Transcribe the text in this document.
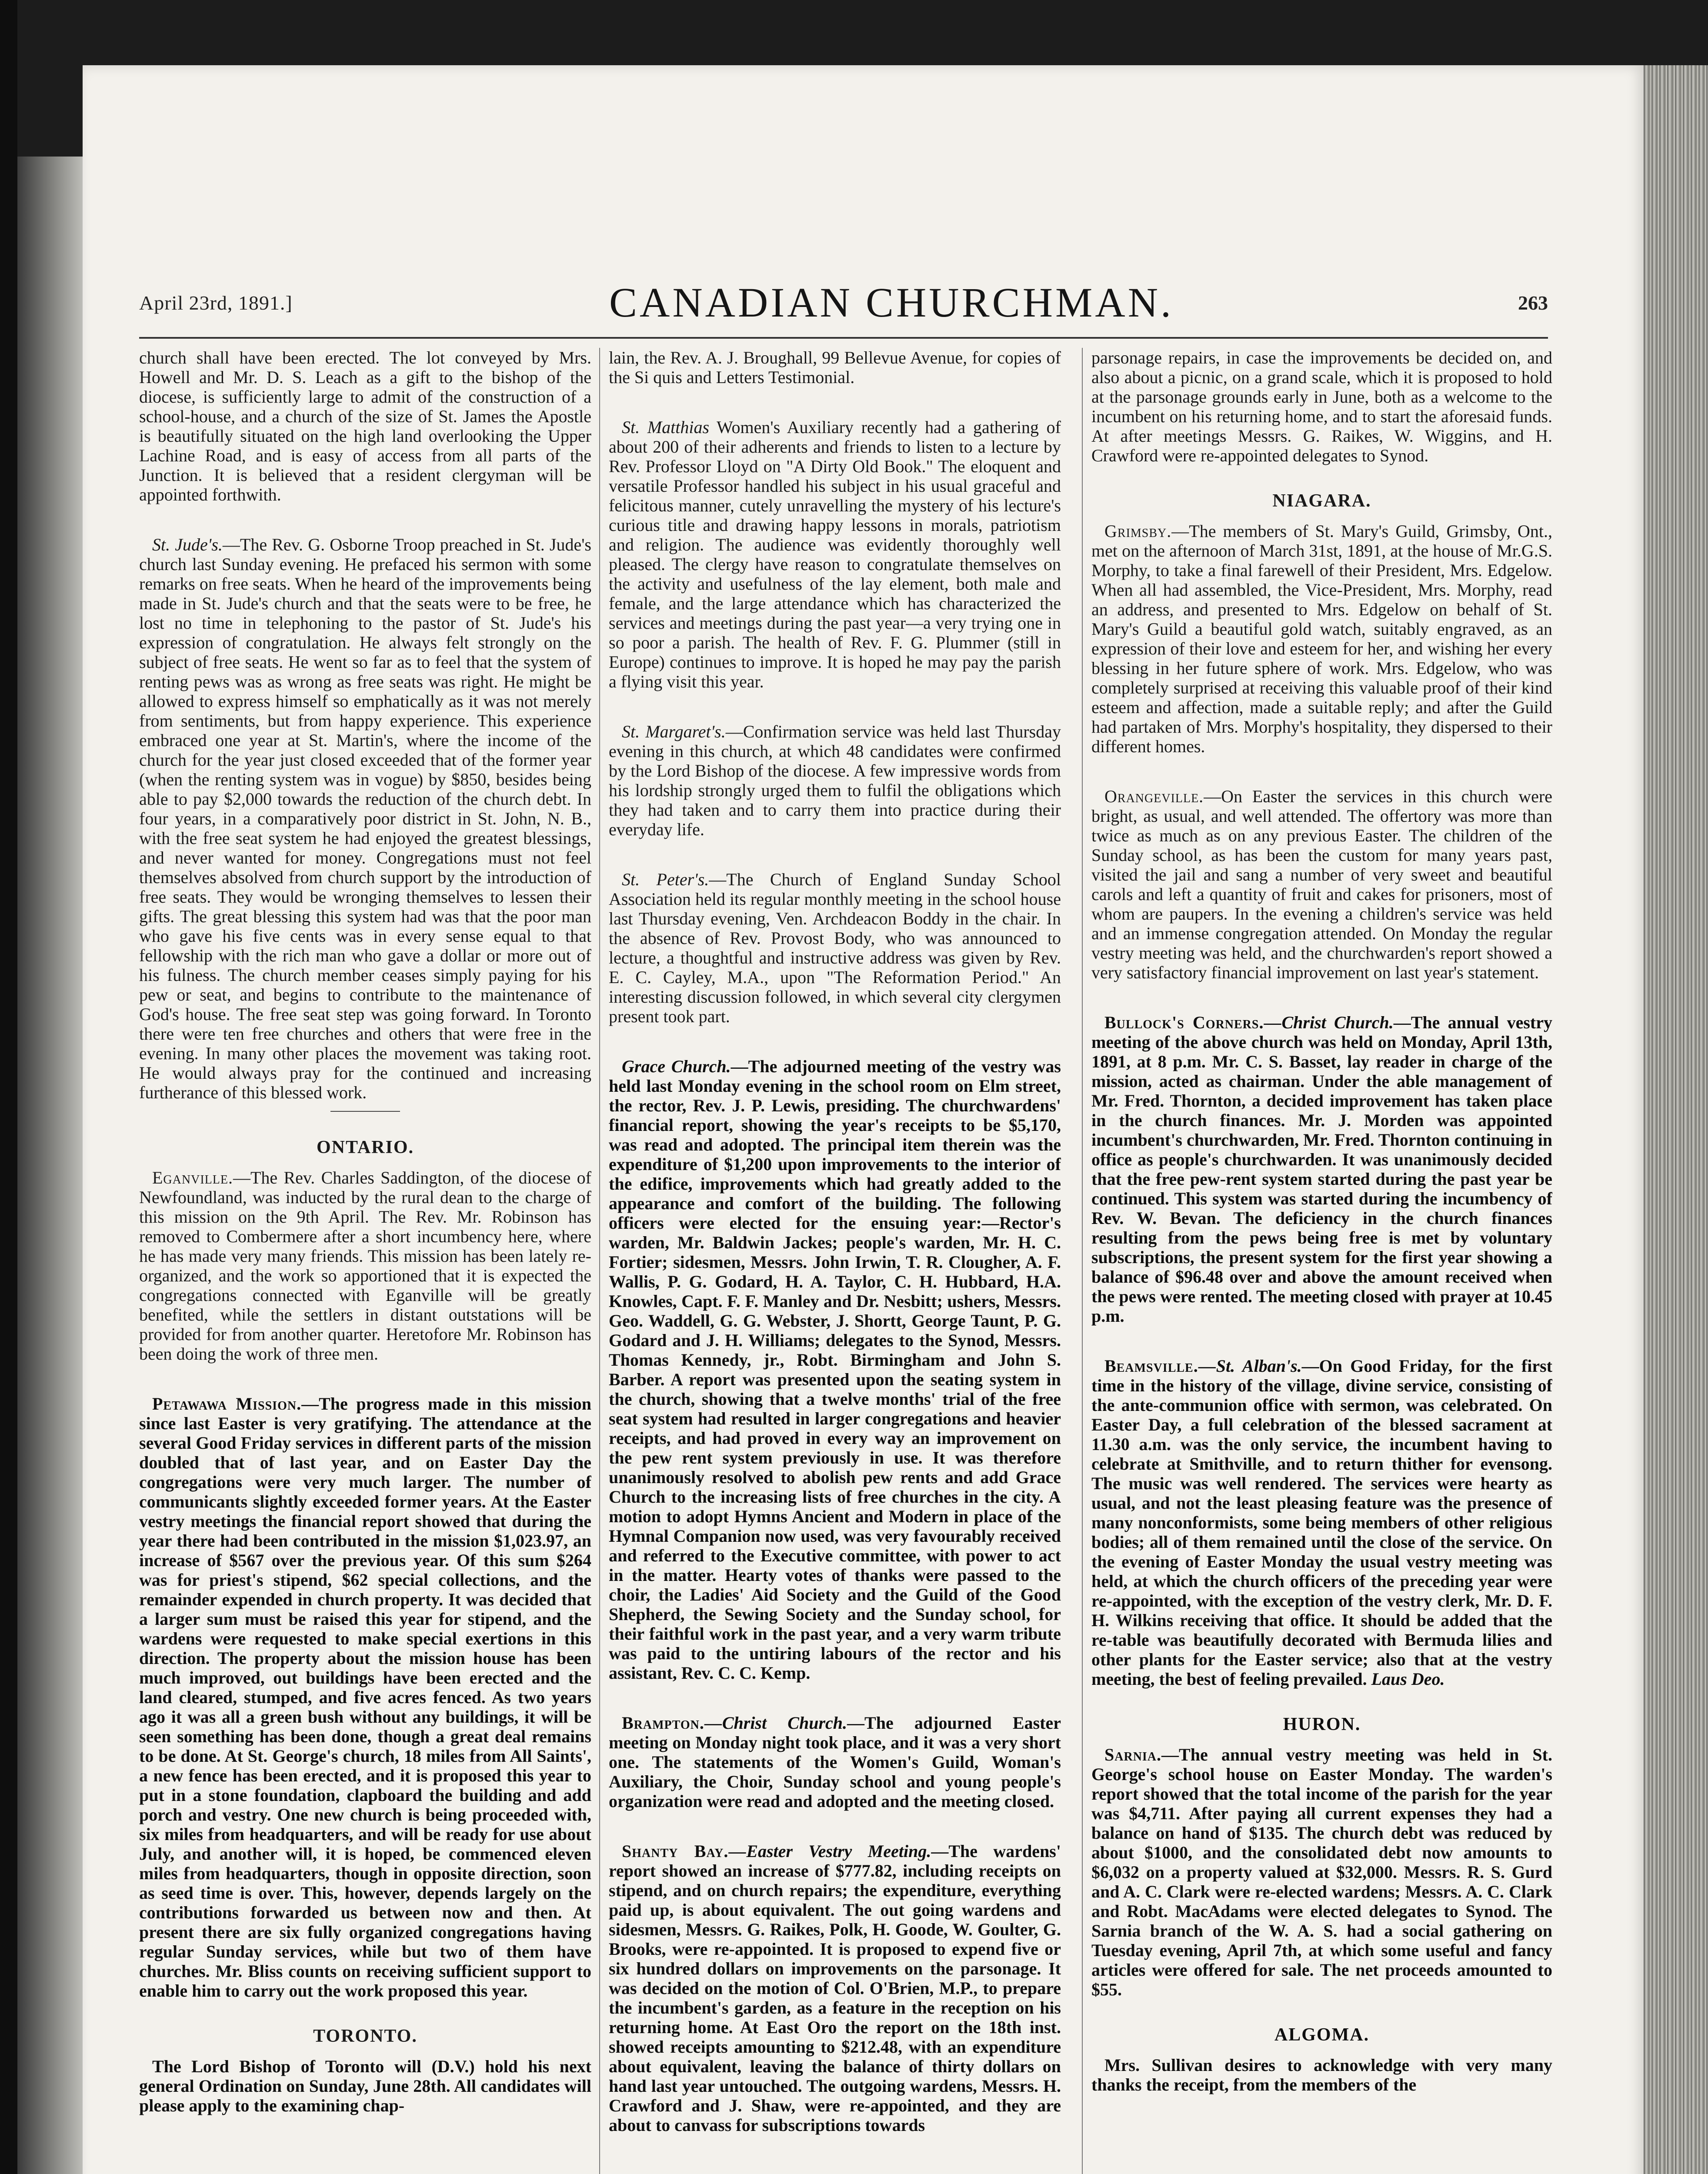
April 23rd, 1891.]	CANADIAN CHURCHMAN.	263

church shall have been erected. The lot conveyed by Mrs. Howell and Mr. D. S. Leach as a gift to the bishop of the diocese, is sufficiently large to admit of the construction of a school-house, and a church of the size of St. James the Apostle is beautifully situated on the high land overlooking the Upper Lachine Road, and is easy of access from all parts of the Junction. It is believed that a resident clergyman will be appointed forthwith.

St. Jude's.—The Rev. G. Osborne Troop preached in St. Jude's church last Sunday evening. He prefaced his sermon with some remarks on free seats. When he heard of the improvements being made in St. Jude's church and that the seats were to be free, he lost no time in telephoning to the pastor of St. Jude's his expression of congratulation. He always felt strongly on the subject of free seats. He went so far as to feel that the system of renting pews was as wrong as free seats was right. He might be allowed to express himself so emphatically as it was not merely from sentiments, but from happy experience. This experience embraced one year at St. Martin's, where the income of the church for the year just closed exceeded that of the former year (when the renting system was in vogue) by $850, besides being able to pay $2,000 towards the reduction of the church debt. In four years, in a comparatively poor district in St. John, N. B., with the free seat system he had enjoyed the greatest blessings, and never wanted for money. Congregations must not feel themselves absolved from church support by the introduction of free seats. They would be wronging themselves to lessen their gifts. The great blessing this system had was that the poor man who gave his five cents was in every sense equal to that fellowship with the rich man who gave a dollar or more out of his fulness. The church member ceases simply paying for his pew or seat, and begins to contribute to the maintenance of God's house. The free seat step was going forward. In Toronto there were ten free churches and others that were free in the evening. In many other places the movement was taking root. He would always pray for the continued and increasing furtherance of this blessed work.

ONTARIO.

Eganville.—The Rev. Charles Saddington, of the diocese of Newfoundland, was inducted by the rural dean to the charge of this mission on the 9th April. The Rev. Mr. Robinson has removed to Combermere after a short incumbency here, where he has made very many friends. This mission has been lately re-organized, and the work so apportioned that it is expected the congregations connected with Eganville will be greatly benefited, while the settlers in distant outstations will be provided for from another quarter. Heretofore Mr. Robinson has been doing the work of three men.

Petawawa Mission.—The progress made in this mission since last Easter is very gratifying. The attendance at the several Good Friday services in different parts of the mission doubled that of last year, and on Easter Day the congregations were very much larger. The number of communicants slightly exceeded former years. At the Easter vestry meetings the financial report showed that during the year there had been contributed in the mission $1,023.97, an increase of $567 over the previous year. Of this sum $264 was for priest's stipend, $62 special collections, and the remainder expended in church property. It was decided that a larger sum must be raised this year for stipend, and the wardens were requested to make special exertions in this direction. The property about the mission house has been much improved, out buildings have been erected and the land cleared, stumped, and five acres fenced. As two years ago it was all a green bush without any buildings, it will be seen something has been done, though a great deal remains to be done. At St. George's church, 18 miles from All Saints', a new fence has been erected, and it is proposed this year to put in a stone foundation, clapboard the building and add porch and vestry. One new church is being proceeded with, six miles from headquarters, and will be ready for use about July, and another will, it is hoped, be commenced eleven miles from headquarters, though in opposite direction, soon as seed time is over. This, however, depends largely on the contributions forwarded us between now and then. At present there are six fully organized congregations having regular Sunday services, while but two of them have churches. Mr. Bliss counts on receiving sufficient support to enable him to carry out the work proposed this year.

TORONTO.

The Lord Bishop of Toronto will (D.V.) hold his next general Ordination on Sunday, June 28th. All candidates will please apply to the examining chap-

lain, the Rev. A. J. Broughall, 99 Bellevue Avenue, for copies of the Si quis and Letters Testimonial.

St. Matthias Women's Auxiliary recently had a gathering of about 200 of their adherents and friends to listen to a lecture by Rev. Professor Lloyd on "A Dirty Old Book." The eloquent and versatile Professor handled his subject in his usual graceful and felicitous manner, cutely unravelling the mystery of his lecture's curious title and drawing happy lessons in morals, patriotism and religion. The audience was evidently thoroughly well pleased. The clergy have reason to congratulate themselves on the activity and usefulness of the lay element, both male and female, and the large attendance which has characterized the services and meetings during the past year—a very trying one in so poor a parish. The health of Rev. F. G. Plummer (still in Europe) continues to improve. It is hoped he may pay the parish a flying visit this year.

St. Margaret's.—Confirmation service was held last Thursday evening in this church, at which 48 candidates were confirmed by the Lord Bishop of the diocese. A few impressive words from his lordship strongly urged them to fulfil the obligations which they had taken and to carry them into practice during their everyday life.

St. Peter's.—The Church of England Sunday School Association held its regular monthly meeting in the school house last Thursday evening, Ven. Archdeacon Boddy in the chair. In the absence of Rev. Provost Body, who was announced to lecture, a thoughtful and instructive address was given by Rev. E. C. Cayley, M.A., upon "The Reformation Period." An interesting discussion followed, in which several city clergymen present took part.

Grace Church.—The adjourned meeting of the vestry was held last Monday evening in the school room on Elm street, the rector, Rev. J. P. Lewis, presiding. The churchwardens' financial report, showing the year's receipts to be $5,170, was read and adopted. The principal item therein was the expenditure of $1,200 upon improvements to the interior of the edifice, improvements which had greatly added to the appearance and comfort of the building. The following officers were elected for the ensuing year:—Rector's warden, Mr. Baldwin Jackes; people's warden, Mr. H. C. Fortier; sidesmen, Messrs. John Irwin, T. R. Clougher, A. F. Wallis, P. G. Godard, H. A. Taylor, C. H. Hubbard, H.A. Knowles, Capt. F. F. Manley and Dr. Nesbitt; ushers, Messrs. Geo. Waddell, G. G. Webster, J. Shortt, George Taunt, P. G. Godard and J. H. Williams; delegates to the Synod, Messrs. Thomas Kennedy, jr., Robt. Birmingham and John S. Barber. A report was presented upon the seating system in the church, showing that a twelve months' trial of the free seat system had resulted in larger congregations and heavier receipts, and had proved in every way an improvement on the pew rent system previously in use. It was therefore unanimously resolved to abolish pew rents and add Grace Church to the increasing lists of free churches in the city. A motion to adopt Hymns Ancient and Modern in place of the Hymnal Companion now used, was very favourably received and referred to the Executive committee, with power to act in the matter. Hearty votes of thanks were passed to the choir, the Ladies' Aid Society and the Guild of the Good Shepherd, the Sewing Society and the Sunday school, for their faithful work in the past year, and a very warm tribute was paid to the untiring labours of the rector and his assistant, Rev. C. C. Kemp.

Brampton.—Christ Church.—The adjourned Easter meeting on Monday night took place, and it was a very short one. The statements of the Women's Guild, Woman's Auxiliary, the Choir, Sunday school and young people's organization were read and adopted and the meeting closed.

Shanty Bay.—Easter Vestry Meeting.—The wardens' report showed an increase of $777.82, including receipts on stipend, and on church repairs; the expenditure, everything paid up, is about equivalent. The out going wardens and sidesmen, Messrs. G. Raikes, Polk, H. Goode, W. Goulter, G. Brooks, were re-appointed. It is proposed to expend five or six hundred dollars on improvements on the parsonage. It was decided on the motion of Col. O'Brien, M.P., to prepare the incumbent's garden, as a feature in the reception on his returning home. At East Oro the report on the 18th inst. showed receipts amounting to $212.48, with an expenditure about equivalent, leaving the balance of thirty dollars on hand last year untouched. The outgoing wardens, Messrs. H. Crawford and J. Shaw, were re-appointed, and they are about to canvass for subscriptions towards

parsonage repairs, in case the improvements be decided on, and also about a picnic, on a grand scale, which it is proposed to hold at the parsonage grounds early in June, both as a welcome to the incumbent on his returning home, and to start the aforesaid funds. At after meetings Messrs. G. Raikes, W. Wiggins, and H. Crawford were re-appointed delegates to Synod.

NIAGARA.

Grimsby.—The members of St. Mary's Guild, Grimsby, Ont., met on the afternoon of March 31st, 1891, at the house of Mr.G.S. Morphy, to take a final farewell of their President, Mrs. Edgelow. When all had assembled, the Vice-President, Mrs. Morphy, read an address, and presented to Mrs. Edgelow on behalf of St. Mary's Guild a beautiful gold watch, suitably engraved, as an expression of their love and esteem for her, and wishing her every blessing in her future sphere of work. Mrs. Edgelow, who was completely surprised at receiving this valuable proof of their kind esteem and affection, made a suitable reply; and after the Guild had partaken of Mrs. Morphy's hospitality, they dispersed to their different homes.

Orangeville.—On Easter the services in this church were bright, as usual, and well attended. The offertory was more than twice as much as on any previous Easter. The children of the Sunday school, as has been the custom for many years past, visited the jail and sang a number of very sweet and beautiful carols and left a quantity of fruit and cakes for prisoners, most of whom are paupers. In the evening a children's service was held and an immense congregation attended. On Monday the regular vestry meeting was held, and the churchwarden's report showed a very satisfactory financial improvement on last year's statement.

Bullock's Corners.—Christ Church.—The annual vestry meeting of the above church was held on Monday, April 13th, 1891, at 8 p.m. Mr. C. S. Basset, lay reader in charge of the mission, acted as chairman. Under the able management of Mr. Fred. Thornton, a decided improvement has taken place in the church finances. Mr. J. Morden was appointed incumbent's churchwarden, Mr. Fred. Thornton continuing in office as people's churchwarden. It was unanimously decided that the free pew-rent system started during the past year be continued. This system was started during the incumbency of Rev. W. Bevan. The deficiency in the church finances resulting from the pews being free is met by voluntary subscriptions, the present system for the first year showing a balance of $96.48 over and above the amount received when the pews were rented. The meeting closed with prayer at 10.45 p.m.

Beamsville.—St. Alban's.—On Good Friday, for the first time in the history of the village, divine service, consisting of the ante-communion office with sermon, was celebrated. On Easter Day, a full celebration of the blessed sacrament at 11.30 a.m. was the only service, the incumbent having to celebrate at Smithville, and to return thither for evensong. The music was well rendered. The services were hearty as usual, and not the least pleasing feature was the presence of many nonconformists, some being members of other religious bodies; all of them remained until the close of the service. On the evening of Easter Monday the usual vestry meeting was held, at which the church officers of the preceding year were re-appointed, with the exception of the vestry clerk, Mr. D. F. H. Wilkins receiving that office. It should be added that the re-table was beautifully decorated with Bermuda lilies and other plants for the Easter service; also that at the vestry meeting, the best of feeling prevailed. Laus Deo.

HURON.

Sarnia.—The annual vestry meeting was held in St. George's school house on Easter Monday. The warden's report showed that the total income of the parish for the year was $4,711. After paying all current expenses they had a balance on hand of $135. The church debt was reduced by about $1000, and the consolidated debt now amounts to $6,032 on a property valued at $32,000. Messrs. R. S. Gurd and A. C. Clark were re-elected wardens; Messrs. A. C. Clark and Robt. MacAdams were elected delegates to Synod. The Sarnia branch of the W. A. S. had a social gathering on Tuesday evening, April 7th, at which some useful and fancy articles were offered for sale. The net proceeds amounted to $55.

ALGOMA.

Mrs. Sullivan desires to acknowledge with very many thanks the receipt, from the members of the
